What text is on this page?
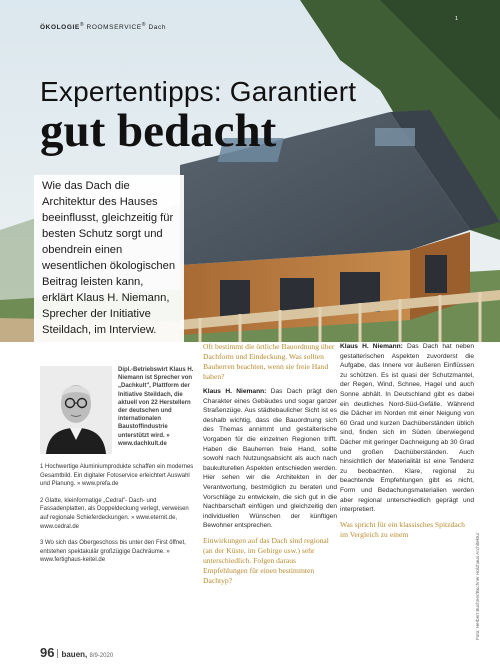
ÖKOLOGIE® ROOMSERVICE® Dach
1
Expertentipps: Garantiert
gut bedacht
Wie das Dach die Architektur des Hauses beeinflusst, gleichzeitig für besten Schutz sorgt und obendrein einen wesentlichen ökologischen Beitrag leisten kann, erklärt Klaus H. Niemann, Sprecher der Initiative Steildach, im Interview.
Dipl.-Betriebswirt Klaus H. Niemann ist Sprecher von „Dachkult", Plattform der Initiative Steildach, die aktuell von 22 Herstellern der deutschen und internationalen Baustoffindustrie unterstützt wird. » www.dachkult.de

1 Hochwertige Aluminiumprodukte schaffen ein modernes Gesamtbild. Ein digitaler Fotoservice erleichtert Auswahl und Planung. » www.prefa.de

2 Glatte, kleinformatige „Cedral"- Dach- und Fassadenplatten, als Doppeldeckung verlegt, verweisen auf regionale Schieferdeckungen. » www.eternit.de, www.cedral.de

3 Wo sich das Obergeschoss bis unter den First öffnet, entstehen spektakulär großzügige Dachräume. » www.fertighaus-keitel.de

Oft bestimmt die örtliche Bauordnung über Dachform und Eindeckung. Was sollten Bauherren beachten, wenn sie freie Hand haben?

Klaus H. Niemann: Das Dach prägt den Charakter eines Gebäudes und sogar ganzer Straßenzüge. Aus städtebaulicher Sicht ist es deshalb wichtig, dass die Bauordnung sich des Themas annimmt und gestalterische Vorgaben für die einzelnen Regionen trifft. Haben die Bauherren freie Hand, sollte sowohl nach Nutzungsabsicht als auch nach baukulturellen Aspekten entschieden werden. Hier sehen wir die Architekten in der Verantwortung, bestmöglich zu beraten und Vorschläge zu entwickeln, die sich gut in die Nachbarschaft einfügen und gleichzeitig den individuellen Wünschen der künftigen Bewohner entsprechen.

Einwirkungen auf das Dach sind regional (an der Küste, im Gebirge usw.) sehr unterschiedlich. Folgen daraus Empfehlungen für einen bestimmten Dachtyp?

Klaus H. Niemann: Das Dach hat neben gestalterischen Aspekten zuvorderst die Aufgabe, das Innere vor äußeren Einflüssen zu schützen. Es ist quasi der Schutzmantel, der Regen, Wind, Schnee, Hagel und auch Sonne abhält. In Deutschland gibt es dabei ein deutliches Nord-Süd-Gefälle. Während die Dächer im Norden mit einer Neigung von 60 Grad und kurzen Dachüberständen üblich sind, finden sich im Süden überwiegend Dächer mit geringer Dachneigung ab 30 Grad und großen Dachüberständen. Auch hinsichtlich der Materialität ist eine Tendenz zu beobachten. Klare, regional zu beachtende Empfehlungen gibt es nicht, Form und Bedachungsmaterialien werden aber regional unterschiedlich geprägt und interpretiert.

Was spricht für ein klassisches Spitzdach im Vergleich zu einem	Foto: Herbert Buchner/Buchner Holzhaus Architektur
96 bauen, 8/9-2020
